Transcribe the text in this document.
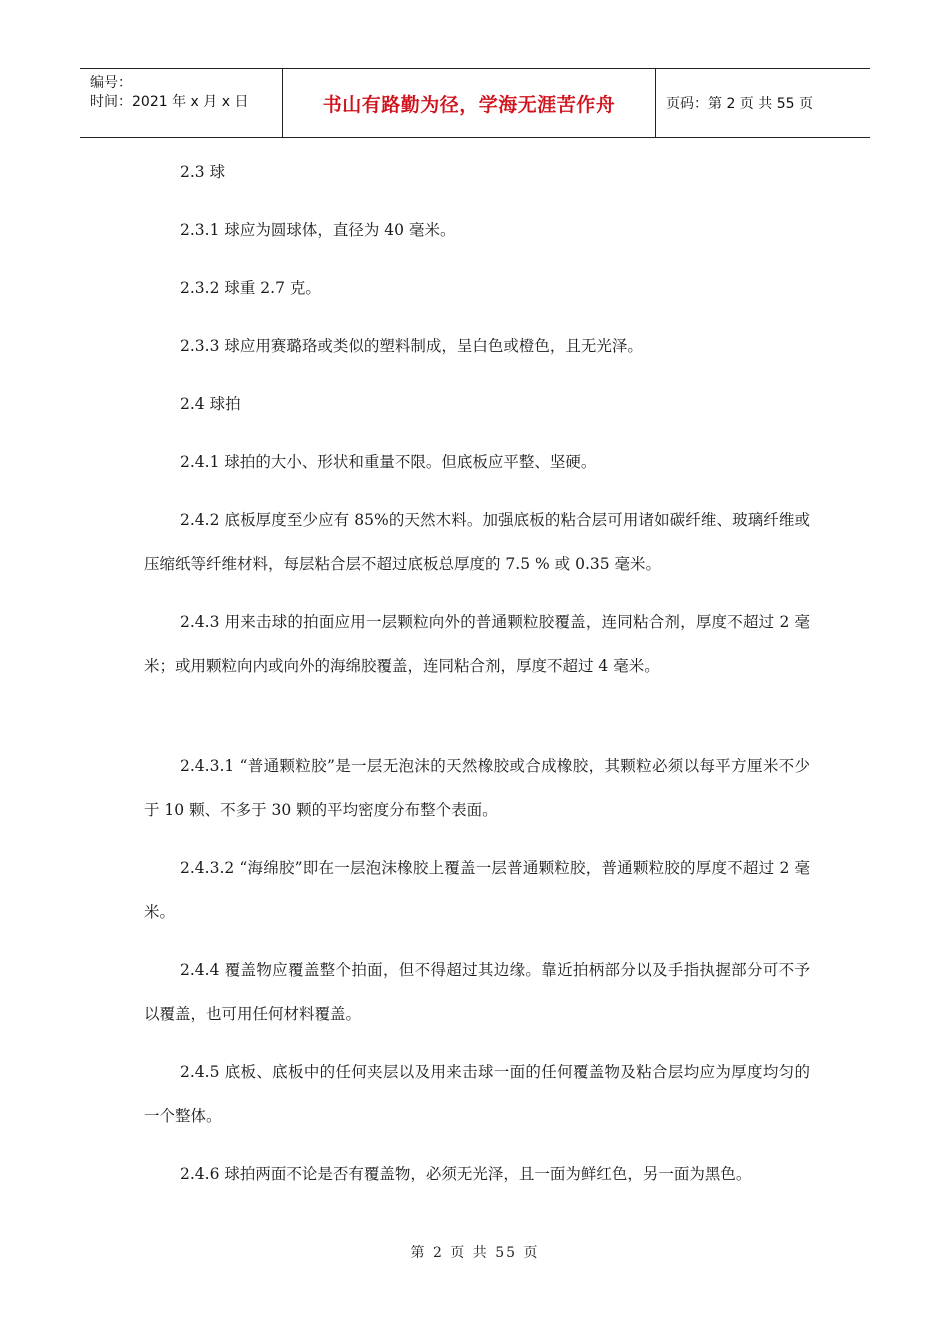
编号：
时间：2021 年 x 月 x 日	书山有路勤为径，学海无涯苦作舟	页码：第 2 页 共 55 页

2.3 球

2.3.1 球应为圆球体，直径为 40 毫米。

2.3.2 球重 2.7 克。

2.3.3 球应用赛璐珞或类似的塑料制成，呈白色或橙色，且无光泽。

2.4 球拍

2.4.1 球拍的大小、形状和重量不限。但底板应平整、坚硬。

2.4.2 底板厚度至少应有 85%的天然木料。加强底板的粘合层可用诸如碳纤维、玻璃纤维或压缩纸等纤维材料，每层粘合层不超过底板总厚度的 7.5 % 或 0.35 毫米。

2.4.3 用来击球的拍面应用一层颗粒向外的普通颗粒胶覆盖，连同粘合剂，厚度不超过 2 毫米；或用颗粒向内或向外的海绵胶覆盖，连同粘合剂，厚度不超过 4 毫米。

2.4.3.1 “普通颗粒胶”是一层无泡沫的天然橡胶或合成橡胶，其颗粒必须以每平方厘米不少于 10 颗、不多于 30 颗的平均密度分布整个表面。

2.4.3.2 “海绵胶”即在一层泡沫橡胶上覆盖一层普通颗粒胶，普通颗粒胶的厚度不超过 2 毫米。

2.4.4 覆盖物应覆盖整个拍面，但不得超过其边缘。靠近拍柄部分以及手指执握部分可不予以覆盖，也可用任何材料覆盖。

2.4.5 底板、底板中的任何夹层以及用来击球一面的任何覆盖物及粘合层均应为厚度均匀的一个整体。

2.4.6 球拍两面不论是否有覆盖物，必须无光泽，且一面为鲜红色，另一面为黑色。

第 2 页 共 55 页
